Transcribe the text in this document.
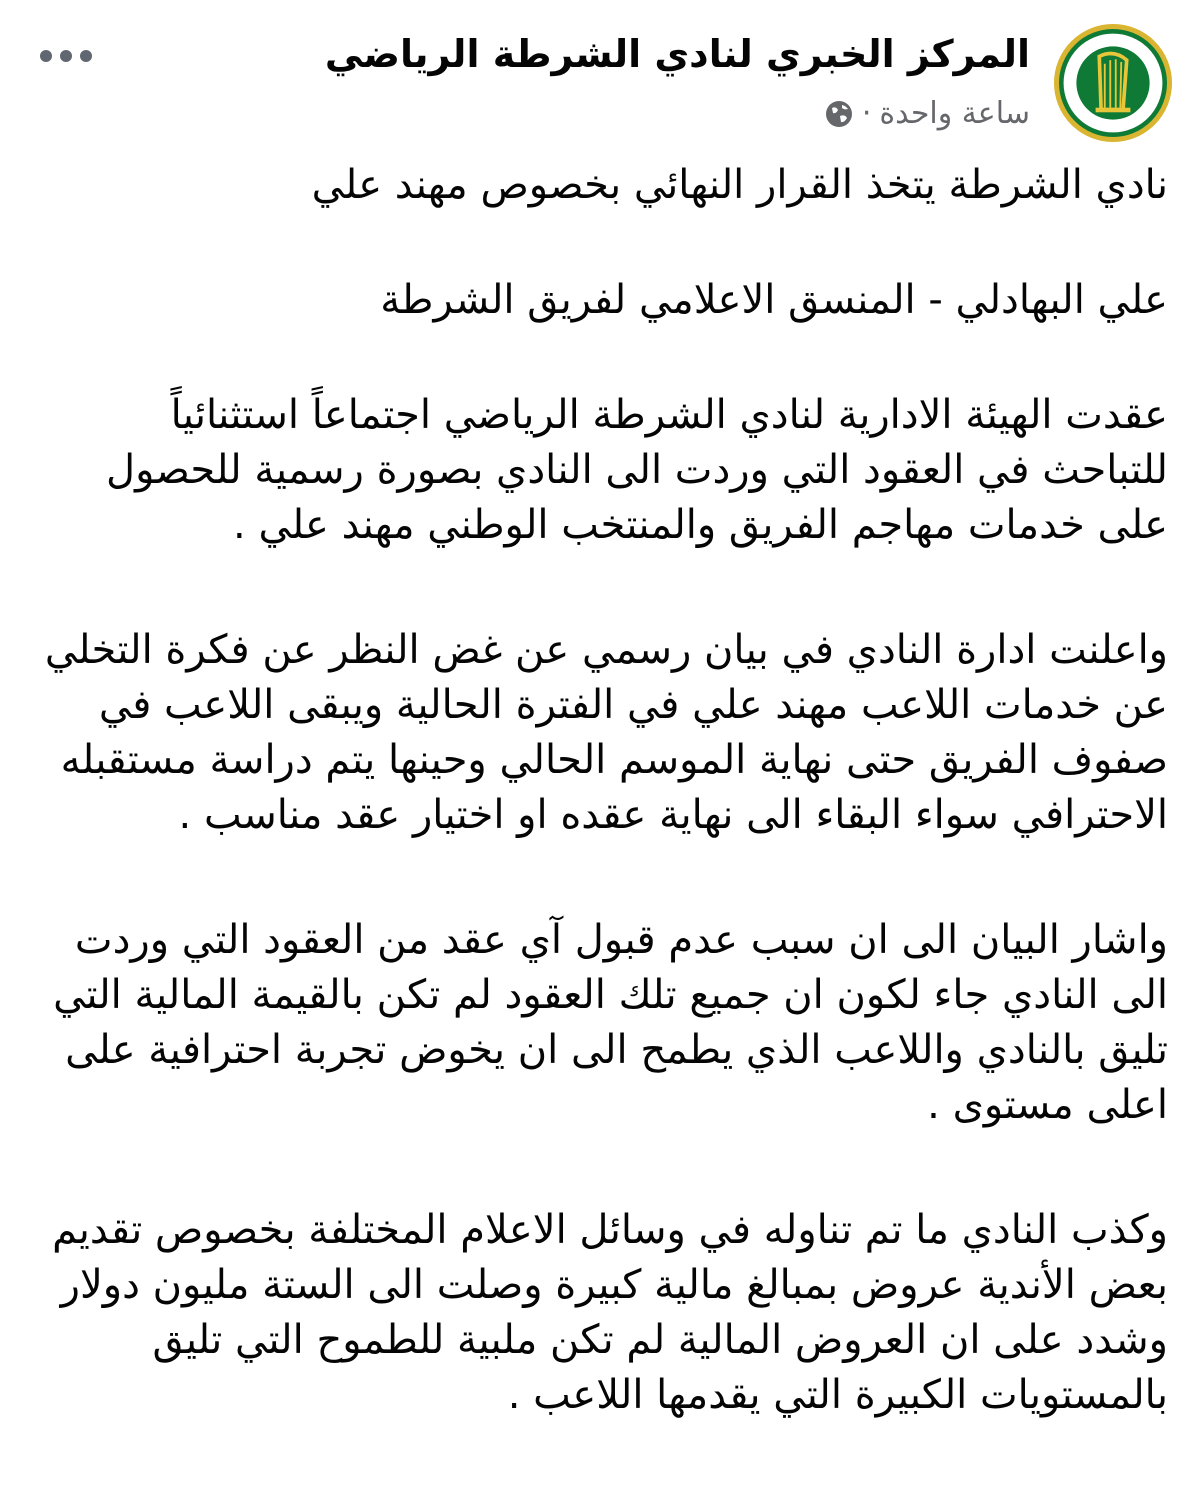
المركز الخبري لنادي الشرطة الرياضي
ساعة واحدة
·

نادي الشرطة يتخذ القرار النهائي بخصوص مهند علي

علي البهادلي - المنسق الاعلامي لفريق الشرطة

عقدت الهيئة الادارية لنادي الشرطة الرياضي اجتماعاً استثنائياً للتباحث في العقود التي وردت الى النادي بصورة رسمية للحصول على خدمات مهاجم الفريق والمنتخب الوطني مهند علي .

واعلنت ادارة النادي في بيان رسمي عن غض النظر عن فكرة التخلي عن خدمات اللاعب مهند علي في الفترة الحالية ويبقى اللاعب في صفوف الفريق حتى نهاية الموسم الحالي وحينها يتم دراسة مستقبله الاحترافي سواء البقاء الى نهاية عقده او اختيار عقد مناسب .

واشار البيان الى ان سبب عدم قبول آي عقد من العقود التي وردت الى النادي جاء لكون ان جميع تلك العقود لم تكن بالقيمة المالية التي تليق بالنادي واللاعب الذي يطمح الى ان يخوض تجربة احترافية على اعلى مستوى .

وكذب النادي ما تم تناوله في وسائل الاعلام المختلفة بخصوص تقديم بعض الأندية عروض بمبالغ مالية كبيرة وصلت الى الستة مليون دولار وشدد على ان العروض المالية لم تكن ملبية للطموح التي تليق بالمستويات الكبيرة التي يقدمها اللاعب .
